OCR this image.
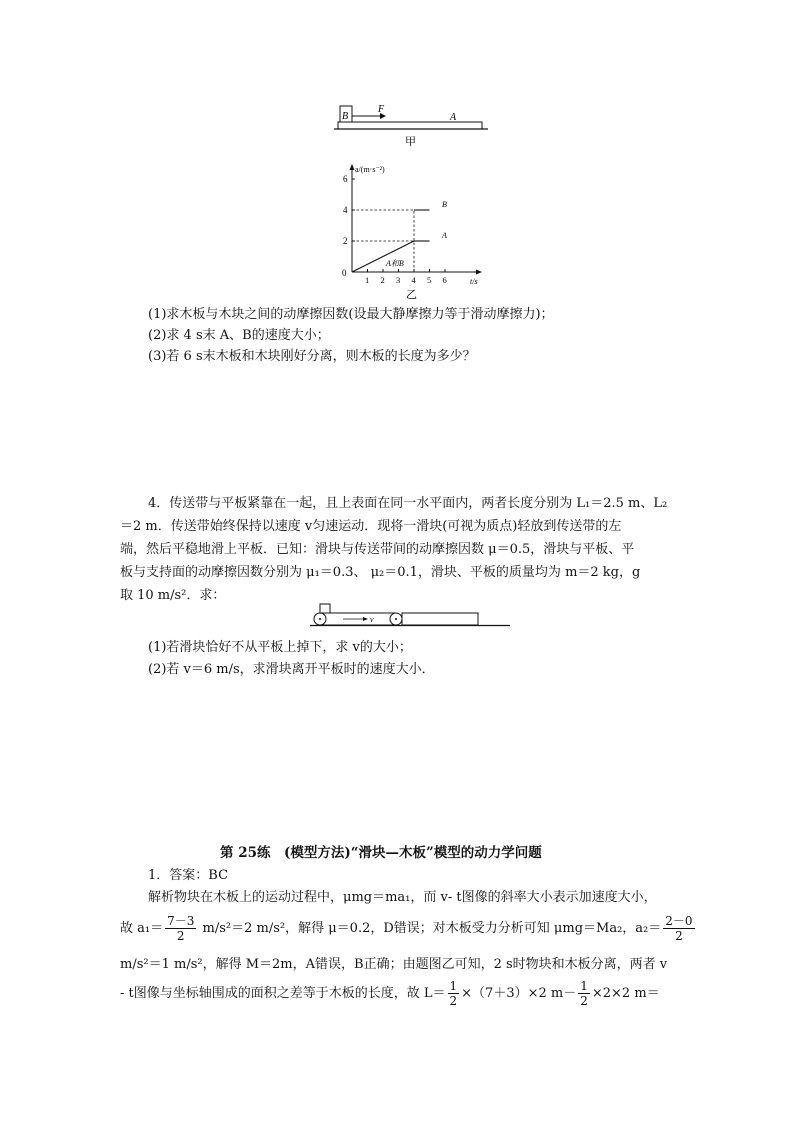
B
F
A
甲
a/(m·s⁻²)
t/s
0
2
4
6
1 2 3 4 5 6
B
A
A和B
乙
(1)求木板与木块之间的动摩擦因数(设最大静摩擦力等于滑动摩擦力)；
(2)求 4 s末 A、B的速度大小；
(3)若 6 s末木板和木块刚好分离，则木板的长度为多少？
4．传送带与平板紧靠在一起，且上表面在同一水平面内，两者长度分别为 L₁＝2.5 m、L₂
＝2 m．传送带始终保持以速度 v匀速运动．现将一滑块(可视为质点)轻放到传送带的左
端，然后平稳地滑上平板．已知：滑块与传送带间的动摩擦因数 μ＝0.5，滑块与平板、平
板与支持面的动摩擦因数分别为 μ₁＝0.3、 μ₂＝0.1，滑块、平板的质量均为 m＝2 kg，g
取 10 m/s²．求：
v
(1)若滑块恰好不从平板上掉下，求 v的大小；
(2)若 v＝6 m/s，求滑块离开平板时的速度大小．
第 25练　(模型方法)“滑块—木板”模型的动力学问题
1．答案：BC
解析物块在木板上的运动过程中，μmg＝ma₁，而 v- t图像的斜率大小表示加速度大小，
故 $a_1= \frac{7-3}{2} m/s^2=2$ m/s²，解得 μ＝0.2，D错误；对木板受力分析可知 μmg＝Ma₂，$a_2= \frac{2-0}{2}$
m/s²＝1 m/s²，解得 M＝2m，A错误，B正确；由题图乙可知，2 s时物块和木板分离，两者 v
- t图像与坐标轴围成的面积之差等于木板的长度，故 $L= \frac{1}{2} \times(7+3)\times 2$ $m- \frac{1}{2} \times 2\times 2$ m＝
